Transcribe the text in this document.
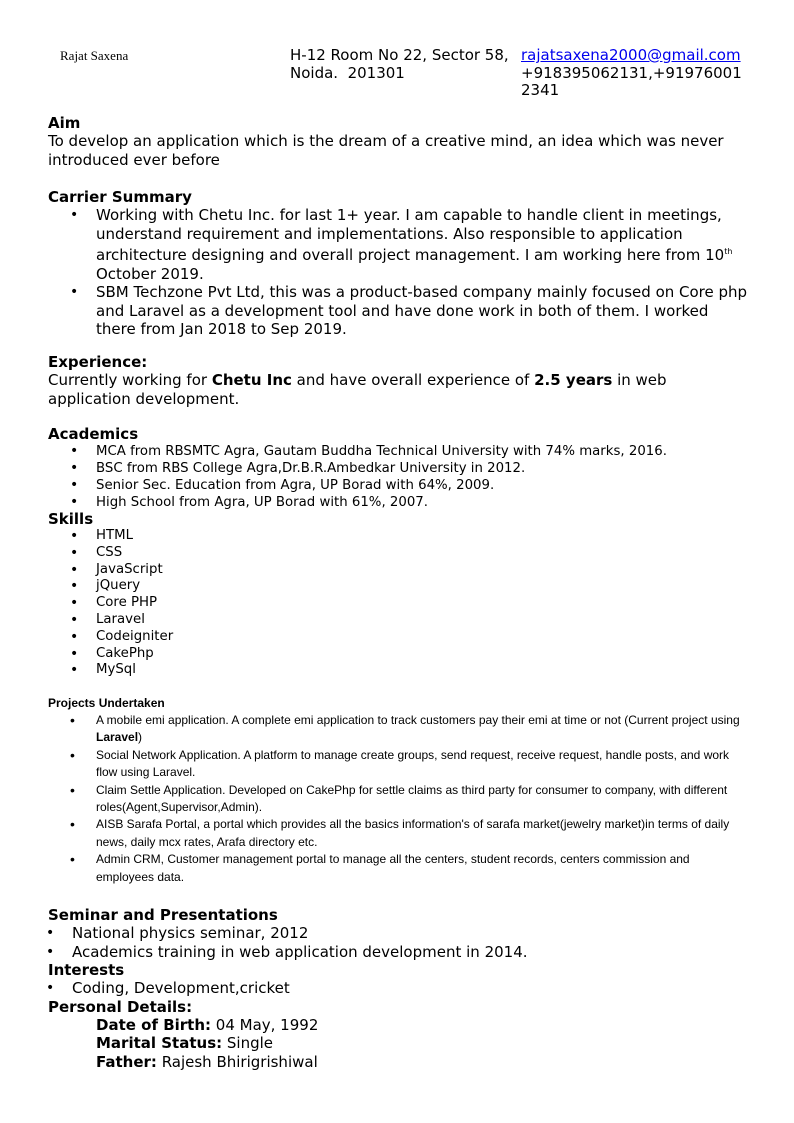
Rajat Saxena	H-12 Room No 22, Sector 58,
Noida.  201301
rajatsaxena2000@gmail.com
+918395062131,+91976001 2341
Aim
To develop an application which is the dream of a creative mind, an idea which was never introduced ever before
Carrier Summary
• Working with Chetu Inc. for last 1+ year. I am capable to handle client in meetings, understand requirement and implementations. Also responsible to application architecture designing and overall project management. I am working here from 10th October 2019.
• SBM Techzone Pvt Ltd, this was a product-based company mainly focused on Core php and Laravel as a development tool and have done work in both of them. I worked there from Jan 2018 to Sep 2019.
Experience:
Currently working for Chetu Inc and have overall experience of 2.5 years in web application development.
Academics
• MCA from RBSMTC Agra, Gautam Buddha Technical University with 74% marks, 2016.
• BSC from RBS College Agra,Dr.B.R.Ambedkar University in 2012.
• Senior Sec. Education from Agra, UP Borad with 64%, 2009.
• High School from Agra, UP Borad with 61%, 2007.
Skills
• HTML
• CSS
• JavaScript
• jQuery
• Core PHP
• Laravel
• Codeigniter
• CakePhp
• MySql
Projects Undertaken
• A mobile emi application. A complete emi application to track customers pay their emi at time or not (Current project using Laravel)
• Social Network Application. A platform to manage create groups, send request, receive request, handle posts, and work flow using Laravel.
• Claim Settle Application. Developed on CakePhp for settle claims as third party for consumer to company, with different roles(Agent,Supervisor,Admin).
• AISB Sarafa Portal, a portal which provides all the basics information's of sarafa market(jewelry market)in terms of daily news, daily mcx rates, Arafa directory etc.
• Admin CRM, Customer management portal to manage all the centers, student records, centers commission and employees data.
Seminar and Presentations
• National physics seminar, 2012
• Academics training in web application development in 2014.
Interests
• Coding, Development,cricket
Personal Details:
Date of Birth: 04 May, 1992
Marital Status: Single
Father: Rajesh Bhirigrishiwal
